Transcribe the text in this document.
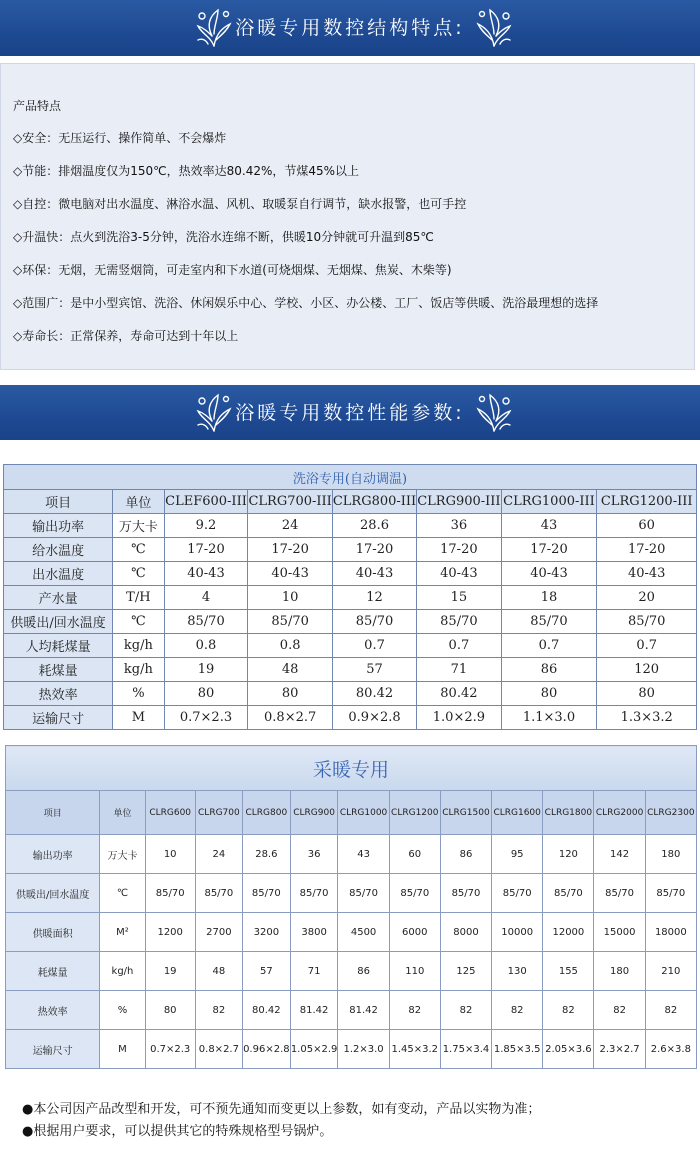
浴暖专用数控结构特点:
产品特点
◇安全：无压运行、操作简单、不会爆炸
◇节能：排烟温度仅为150℃，热效率达80.42%，节煤45%以上
◇自控：微电脑对出水温度、淋浴水温、风机、取暖泵自行调节，缺水报警，也可手控
◇升温快：点火到洗浴3-5分钟，洗浴水连绵不断，供暖10分钟就可升温到85℃
◇环保：无烟，无需竖烟筒，可走室内和下水道(可烧烟煤、无烟煤、焦炭、木柴等)
◇范围广：是中小型宾馆、洗浴、休闲娱乐中心、学校、小区、办公楼、工厂、饭店等供暖、洗浴最理想的选择
◇寿命长：正常保养，寿命可达到十年以上
浴暖专用数控性能参数:
洗浴专用(自动调温)							
项目	单位	CLEF600-III	CLRG700-III	CLRG800-III	CLRG900-III	CLRG1000-III	CLRG1200-III
输出功率	万大卡	9.2	24	28.6	36	43	60
给水温度	℃	17-20	17-20	17-20	17-20	17-20	17-20
出水温度	℃	40-43	40-43	40-43	40-43	40-43	40-43
产水量	T/H	4	10	12	15	18	20
供暖出/回水温度	℃	85/70	85/70	85/70	85/70	85/70	85/70
人均耗煤量	kg/h	0.8	0.8	0.7	0.7	0.7	0.7
耗煤量	kg/h	19	48	57	71	86	120
热效率	%	80	80	80.42	80.42	80	80
运输尺寸	M	0.7×2.3	0.8×2.7	0.9×2.8	1.0×2.9	1.1×3.0	1.3×3.2
采暖专用												
项目	单位	CLRG600	CLRG700	CLRG800	CLRG900	CLRG1000	CLRG1200	CLRG1500	CLRG1600	CLRG1800	CLRG2000	CLRG2300
输出功率	万大卡	10	24	28.6	36	43	60	86	95	120	142	180
供暖出/回水温度	℃	85/70	85/70	85/70	85/70	85/70	85/70	85/70	85/70	85/70	85/70	85/70
供暖面积	M²	1200	2700	3200	3800	4500	6000	8000	10000	12000	15000	18000
耗煤量	kg/h	19	48	57	71	86	110	125	130	155	180	210
热效率	%	80	82	80.42	81.42	81.42	82	82	82	82	82	82
运输尺寸	M	0.7×2.3	0.8×2.7	0.96×2.8	1.05×2.9	1.2×3.0	1.45×3.2	1.75×3.4	1.85×3.5	2.05×3.6	2.3×2.7	2.6×3.8
●本公司因产品改型和开发，可不预先通知而变更以上参数，如有变动，产品以实物为准；
●根据用户要求，可以提供其它的特殊规格型号锅炉。
